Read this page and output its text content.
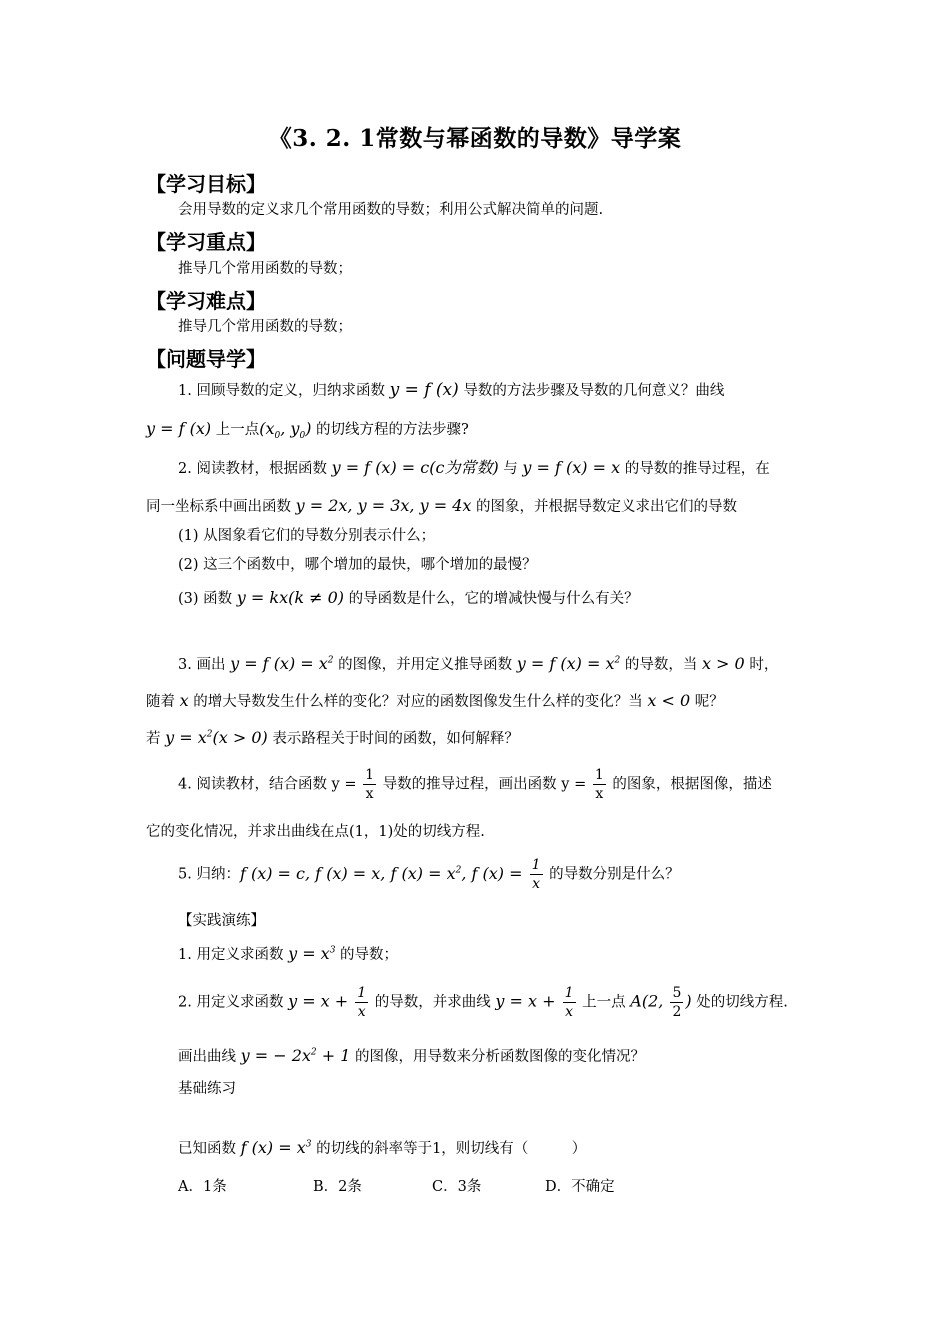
《3. 2. 1常数与幂函数的导数》导学案
【学习目标】
会用导数的定义求几个常用函数的导数；利用公式解决简单的问题.
【学习重点】
推导几个常用函数的导数；
【学习难点】
推导几个常用函数的导数；
【问题导学】
1. 回顾导数的定义，归纳求函数 y = f (x) 导数的方法步骤及导数的几何意义？曲线
y = f (x) 上一点($x_0$, $y_0$) 的切线方程的方法步骤?
2. 阅读教材，根据函数 y = f (x) = c(c为常数) 与 y = f (x) = x 的导数的推导过程，在
同一坐标系中画出函数 y = 2x, y = 3x, y = 4x 的图象，并根据导数定义求出它们的导数
(1) 从图象看它们的导数分别表示什么；
(2) 这三个函数中，哪个增加的最快，哪个增加的最慢？
(3) 函数 y = kx(k ≠ 0) 的导函数是什么，它的增减快慢与什么有关？
3. 画出 y = f $(x) = x^2$ 的图像，并用定义推导函数 y = f $(x) = x^2$ 的导数，当 x > 0 时，
随着 x 的增大导数发生什么样的变化？对应的函数图像发生什么样的变化？当 x < 0 呢？
若 $y = x^2(x > 0)$ 表示路程关于时间的函数，如何解释？
4. 阅读教材，结合函数 $y = \frac{1}{x}$ 导数的推导过程，画出函数 $y = \frac{1}{x}$ 的图象，根据图像，描述
它的变化情况，并求出曲线在点(1，1)处的切线方程.
5. 归纳：f (x) = c, f (x) = x, f $(x) = x^2$, f $(x) = \frac{1}{x}$ 的导数分别是什么？
【实践演练】
1. 用定义求函数 $y = x^3$ 的导数；
2. 用定义求函数 $y = x + \frac{1}{x}$ 的导数，并求曲线 $y = x + \frac{1}{x}$ 上一点 A(2, $\frac{5}{2}$ ) 处的切线方程.
画出曲线 y = − $2x^2 + 1$ 的图像，用导数来分析函数图像的变化情况？
基础练习
已知函数 f $(x) = x^3$ 的切线的斜率等于1，则切线有（　　　）
A．1条	B．2条	C．3条	D．不确定
